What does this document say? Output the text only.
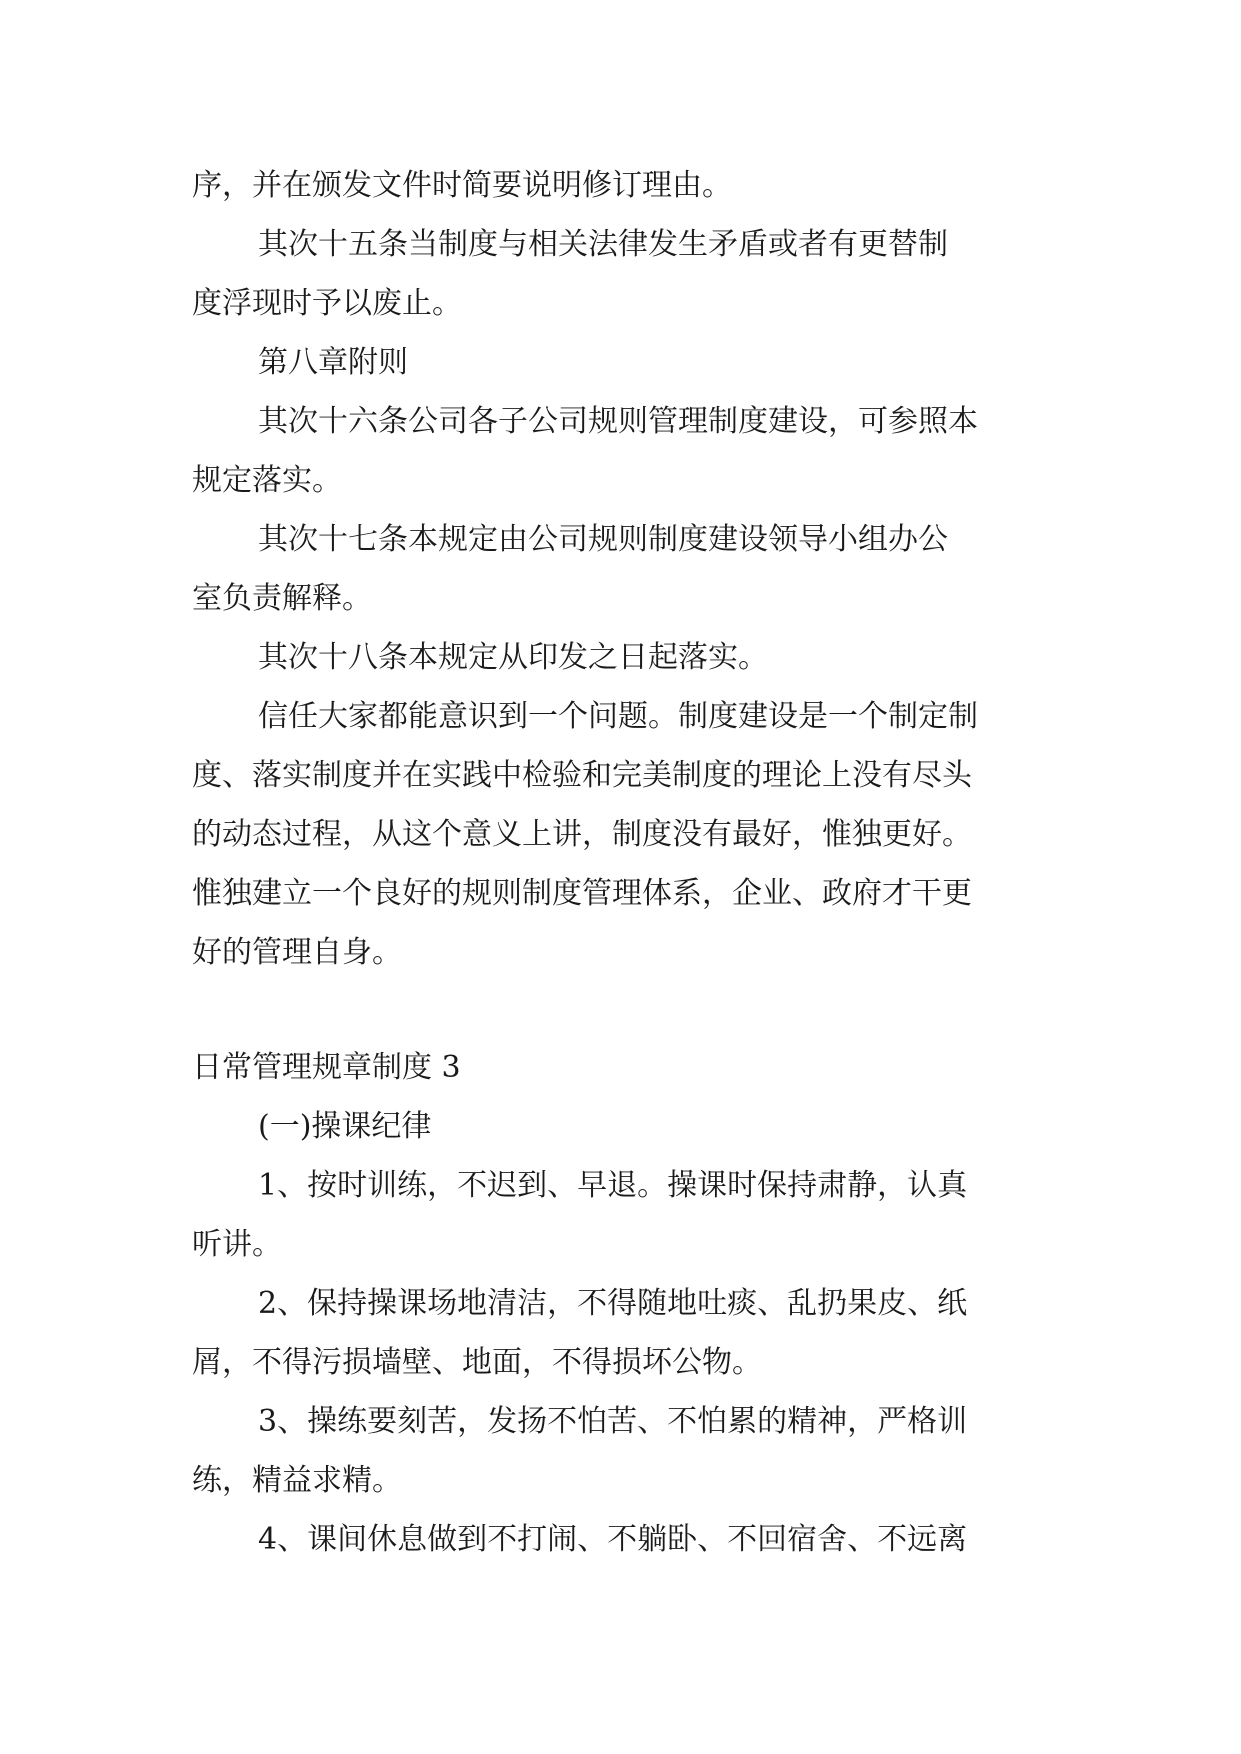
序，并在颁发文件时简要说明修订理由。
其次十五条当制度与相关法律发生矛盾或者有更替制
度浮现时予以废止。
第八章附则
其次十六条公司各子公司规则管理制度建设，可参照本
规定落实。
其次十七条本规定由公司规则制度建设领导小组办公
室负责解释。
其次十八条本规定从印发之日起落实。
信任大家都能意识到一个问题。制度建设是一个制定制
度、落实制度并在实践中检验和完美制度的理论上没有尽头
的动态过程，从这个意义上讲，制度没有最好，惟独更好。
惟独建立一个良好的规则制度管理体系，企业、政府才干更
好的管理自身。
日常管理规章制度 3
(一)操课纪律
1、按时训练，不迟到、早退。操课时保持肃静，认真
听讲。
2、保持操课场地清洁，不得随地吐痰、乱扔果皮、纸
屑，不得污损墙壁、地面，不得损坏公物。
3、操练要刻苦，发扬不怕苦、不怕累的精神，严格训
练，精益求精。
4、课间休息做到不打闹、不躺卧、不回宿舍、不远离
